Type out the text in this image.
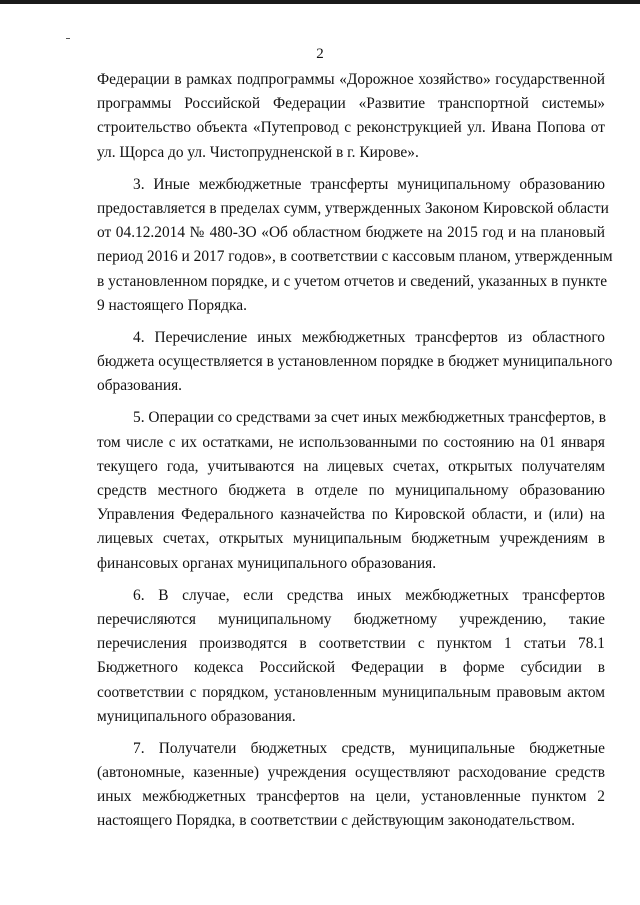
2
Федерации в рамках подпрограммы «Дорожное хозяйство» государственной
программы Российской Федерации «Развитие транспортной системы»
строительство объекта «Путепровод с реконструкцией ул. Ивана Попова от
ул. Щорса до ул. Чистопрудненской в г. Кирове».
3. Иные межбюджетные трансферты муниципальному образованию
предоставляется в пределах сумм, утвержденных Законом Кировской области
от 04.12.2014 № 480-ЗО «Об областном бюджете на 2015 год и на плановый
период 2016 и 2017 годов», в соответствии с кассовым планом, утвержденным
в установленном порядке, и с учетом отчетов и сведений, указанных в пункте
9 настоящего Порядка.
4. Перечисление иных межбюджетных трансфертов из областного
бюджета осуществляется в установленном порядке в бюджет муниципального
образования.
5. Операции со средствами за счет иных межбюджетных трансфертов, в
том числе с их остатками, не использованными по состоянию на 01 января
текущего года, учитываются на лицевых счетах, открытых получателям
средств местного бюджета в отделе по муниципальному образованию
Управления Федерального казначейства по Кировской области, и (или) на
лицевых счетах, открытых муниципальным бюджетным учреждениям в
финансовых органах муниципального образования.
6. В случае, если средства иных межбюджетных трансфертов
перечисляются муниципальному бюджетному учреждению, такие
перечисления производятся в соответствии с пунктом 1 статьи 78.1
Бюджетного кодекса Российской Федерации в форме субсидии в
соответствии с порядком, установленным муниципальным правовым актом
муниципального образования.
7. Получатели бюджетных средств, муниципальные бюджетные
(автономные, казенные) учреждения осуществляют расходование средств
иных межбюджетных трансфертов на цели, установленные пунктом 2
настоящего Порядка, в соответствии с действующим законодательством.
